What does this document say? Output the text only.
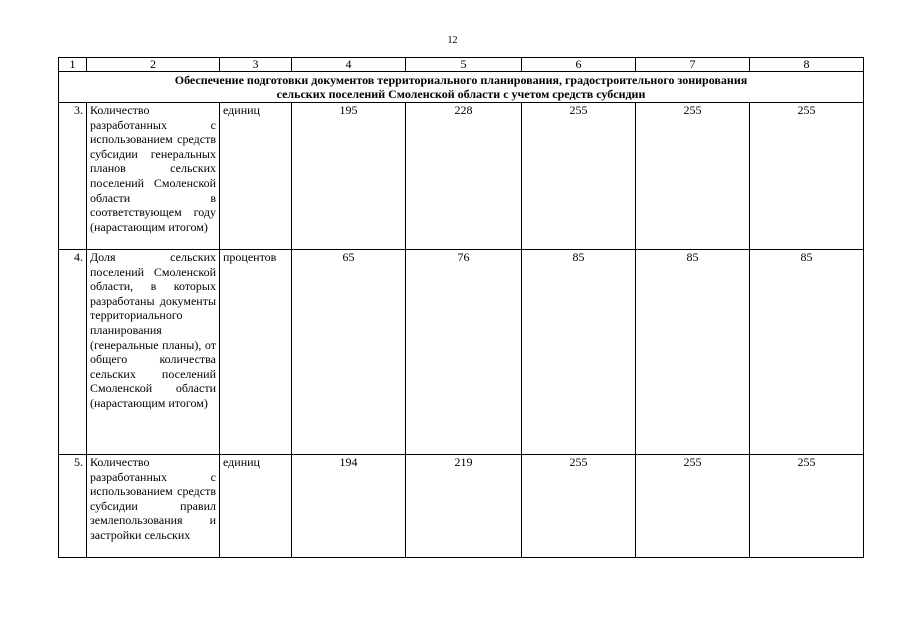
12
1	2	3	4	5	6	7	8
Обеспечение подготовки документов территориального планирования, градостроительного зонирования
сельских поселений Смоленской области с учетом средств субсидии							
3.	Количество разработанных с использованием средств субсидии генеральных планов сельских поселений Смоленской области в соответствующем году (нарастающим итогом)	единиц	195	228	255	255	255
4.	Доля сельских поселений Смоленской области, в которых разработаны документы территориального планирования (генеральные планы), от общего количества сельских поселений Смоленской области (нарастающим итогом)	процентов	65	76	85	85	85
5.	Количество разработанных с использованием средств субсидии правил землепользования и застройки сельских	единиц	194	219	255	255	255
